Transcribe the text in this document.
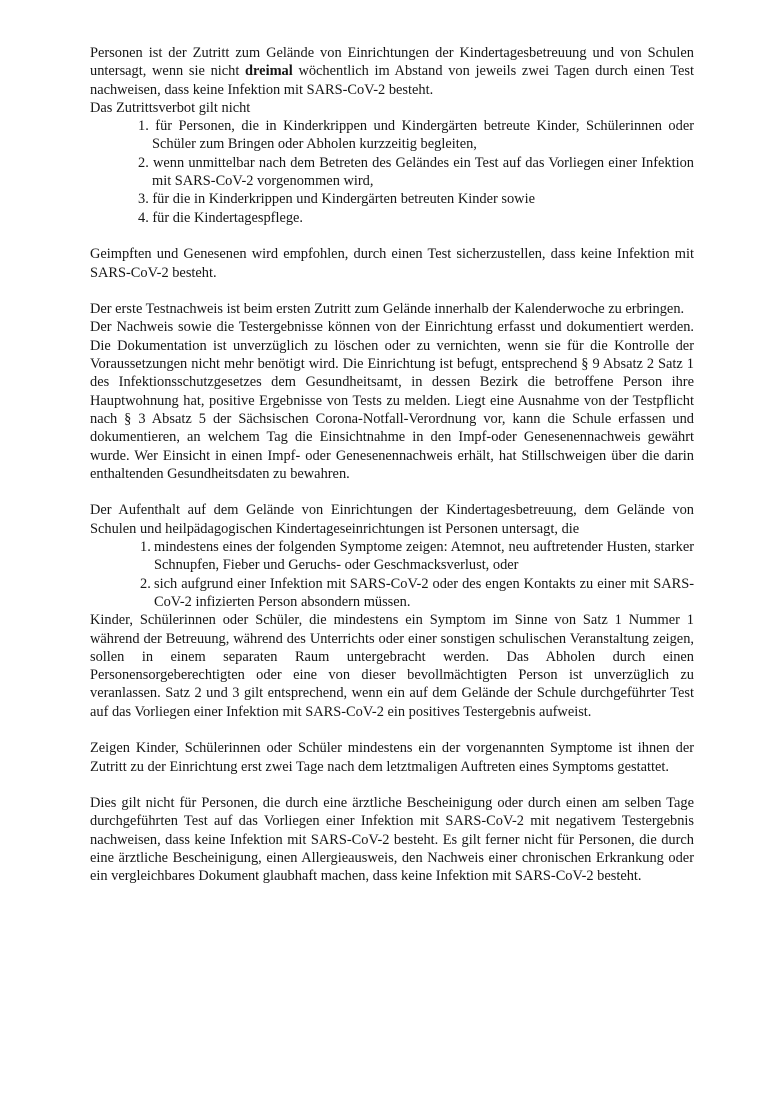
Personen ist der Zutritt zum Gelände von Einrichtungen der Kindertagesbetreuung und von Schulen untersagt, wenn sie nicht dreimal wöchentlich im Abstand von jeweils zwei Tagen durch einen Test nachweisen, dass keine Infektion mit SARS-CoV-2 besteht.

Das Zutrittsverbot gilt nicht

1. für Personen, die in Kinderkrippen und Kindergärten betreute Kinder, Schülerinnen oder Schüler zum Bringen oder Abholen kurzzeitig begleiten,
2. wenn unmittelbar nach dem Betreten des Geländes ein Test auf das Vorliegen einer Infektion mit SARS-CoV-2 vorgenommen wird,
3. für die in Kinderkrippen und Kindergärten betreuten Kinder sowie
4. für die Kindertagespflege.

Geimpften und Genesenen wird empfohlen, durch einen Test sicherzustellen, dass keine Infektion mit SARS-CoV-2 besteht.

Der erste Testnachweis ist beim ersten Zutritt zum Gelände innerhalb der Kalenderwoche zu erbringen.

Der Nachweis sowie die Testergebnisse können von der Einrichtung erfasst und dokumentiert werden. Die Dokumentation ist unverzüglich zu löschen oder zu vernichten, wenn sie für die Kontrolle der Voraussetzungen nicht mehr benötigt wird. Die Einrichtung ist befugt, entsprechend § 9 Absatz 2 Satz 1 des Infektionsschutzgesetzes dem Gesundheitsamt, in dessen Bezirk die betroffene Person ihre Hauptwohnung hat, positive Ergebnisse von Tests zu melden. Liegt eine Ausnahme von der Testpflicht nach § 3 Absatz 5 der Sächsischen Corona-Notfall-Verordnung vor, kann die Schule erfassen und dokumentieren, an welchem Tag die Einsichtnahme in den Impf-oder Genesenennachweis gewährt wurde. Wer Einsicht in einen Impf- oder Genesenennachweis erhält, hat Stillschweigen über die darin enthaltenden Gesundheitsdaten zu bewahren.

Der Aufenthalt auf dem Gelände von Einrichtungen der Kindertagesbetreuung, dem Gelände von Schulen und heilpädagogischen Kindertageseinrichtungen ist Personen untersagt, die

1. mindestens eines der folgenden Symptome zeigen: Atemnot, neu auftretender Husten, starker Schnupfen, Fieber und Geruchs- oder Geschmacksverlust, oder
2. sich aufgrund einer Infektion mit SARS-CoV-2 oder des engen Kontakts zu einer mit SARS-CoV-2 infizierten Person absondern müssen.

Kinder, Schülerinnen oder Schüler, die mindestens ein Symptom im Sinne von Satz 1 Nummer 1 während der Betreuung, während des Unterrichts oder einer sonstigen schulischen Veranstaltung zeigen, sollen in einem separaten Raum untergebracht werden. Das Abholen durch einen Personensorgeberechtigten oder eine von dieser bevollmächtigten Person ist unverzüglich zu veranlassen. Satz 2 und 3 gilt entsprechend, wenn ein auf dem Gelände der Schule durchgeführter Test auf das Vorliegen einer Infektion mit SARS-CoV-2 ein positives Testergebnis aufweist.

Zeigen Kinder, Schülerinnen oder Schüler mindestens ein der vorgenannten Symptome ist ihnen der Zutritt zu der Einrichtung erst zwei Tage nach dem letztmaligen Auftreten eines Symptoms gestattet.

Dies gilt nicht für Personen, die durch eine ärztliche Bescheinigung oder durch einen am selben Tage durchgeführten Test auf das Vorliegen einer Infektion mit SARS-CoV-2 mit negativem Testergebnis nachweisen, dass keine Infektion mit SARS-CoV-2 besteht. Es gilt ferner nicht für Personen, die durch eine ärztliche Bescheinigung, einen Allergieausweis, den Nachweis einer chronischen Erkrankung oder ein vergleichbares Dokument glaubhaft machen, dass keine Infektion mit SARS-CoV-2 besteht.
